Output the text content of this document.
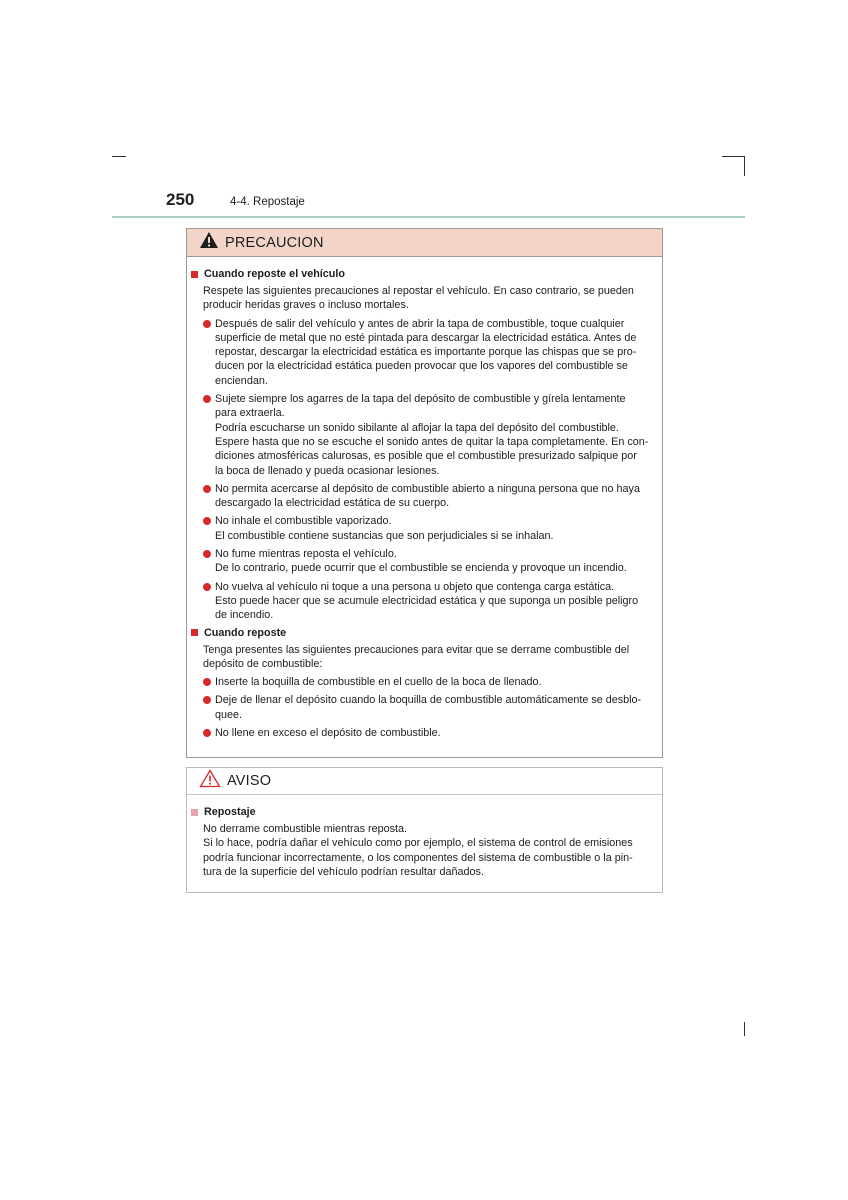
250	4-4. Repostaje
PRECAUCION
Cuando reposte el vehículo
Respete las siguientes precauciones al repostar el vehículo. En caso contrario, se pueden
producir heridas graves o incluso mortales.
Después de salir del vehículo y antes de abrir la tapa de combustible, toque cualquier
superficie de metal que no esté pintada para descargar la electricidad estática. Antes de
repostar, descargar la electricidad estática es importante porque las chispas que se pro-
ducen por la electricidad estática pueden provocar que los vapores del combustible se
enciendan.
Sujete siempre los agarres de la tapa del depósito de combustible y gírela lentamente
para extraerla.
Podría escucharse un sonido sibilante al aflojar la tapa del depósito del combustible.
Espere hasta que no se escuche el sonido antes de quitar la tapa completamente. En con-
diciones atmosféricas calurosas, es posible que el combustible presurizado salpique por
la boca de llenado y pueda ocasionar lesiones.
No permita acercarse al depósito de combustible abierto a ninguna persona que no haya
descargado la electricidad estática de su cuerpo.
No inhale el combustible vaporizado.
El combustible contiene sustancias que son perjudiciales si se inhalan.
No fume mientras reposta el vehículo.
De lo contrario, puede ocurrir que el combustible se encienda y provoque un incendio.
No vuelva al vehículo ni toque a una persona u objeto que contenga carga estática.
Esto puede hacer que se acumule electricidad estática y que suponga un posible peligro
de incendio.
Cuando reposte
Tenga presentes las siguientes precauciones para evitar que se derrame combustible del
depósito de combustible:
Inserte la boquilla de combustible en el cuello de la boca de llenado.
Deje de llenar el depósito cuando la boquilla de combustible automáticamente se desblo-
quee.
No llene en exceso el depósito de combustible.
AVISO
Repostaje
No derrame combustible mientras reposta.
Si lo hace, podría dañar el vehículo como por ejemplo, el sistema de control de emisiones
podría funcionar incorrectamente, o los componentes del sistema de combustible o la pin-
tura de la superficie del vehículo podrían resultar dañados.
